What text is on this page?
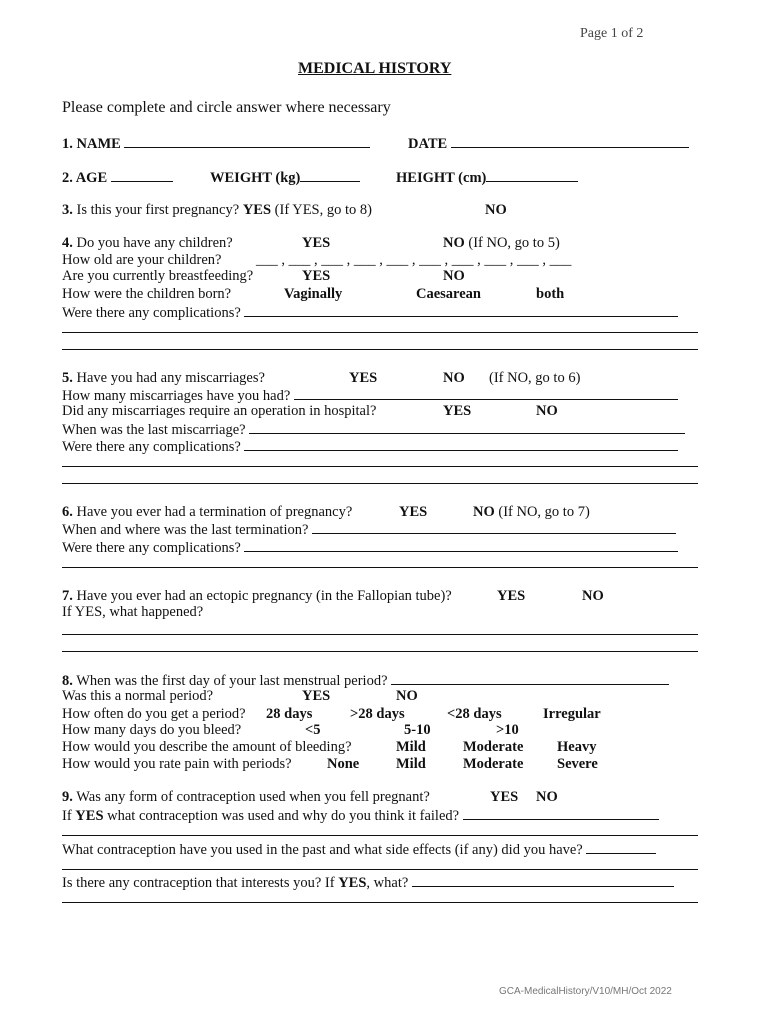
Page 1 of 2
MEDICAL HISTORY
Please complete and circle answer where necessary
1. NAME	DATE
2. AGE	WEIGHT (kg)	HEIGHT (cm)
3. Is this your first pregnancy? YES (If YES, go to 8)	NO
4. Do you have any children?	YES	NO (If NO, go to 5)
How old are your children? ___ , ___ , ___ , ___ , ___ , ___ , ___ , ___ , ___ , ___
Are you currently breastfeeding?	YES	NO
How were the children born?	Vaginally	Caesarean	both
Were there any complications?
5. Have you had any miscarriages?	YES	NO (If NO, go to 6)
How many miscarriages have you had?
Did any miscarriages require an operation in hospital?	YES	NO
When was the last miscarriage?
Were there any complications?
6. Have you ever had a termination of pregnancy?	YES	NO (If NO, go to 7)
When and where was the last termination?
Were there any complications?
7. Have you ever had an ectopic pregnancy (in the Fallopian tube)?	YES	NO
If YES, what happened?
8. When was the first day of your last menstrual period?
Was this a normal period?	YES	NO
How often do you get a period? 28 days	>28 days	<28 days	Irregular
How many days do you bleed?	<5	5-10	>10
How would you describe the amount of bleeding?	Mild	Moderate Heavy
How would you rate pain with periods? None	Mild	Moderate Severe
9. Was any form of contraception used when you fell pregnant?	YES NO
If YES what contraception was used and why do you think it failed?
What contraception have you used in the past and what side effects (if any) did you have?
Is there any contraception that interests you? If YES, what?
GCA-MedicalHistory/V10/MH/Oct 2022
